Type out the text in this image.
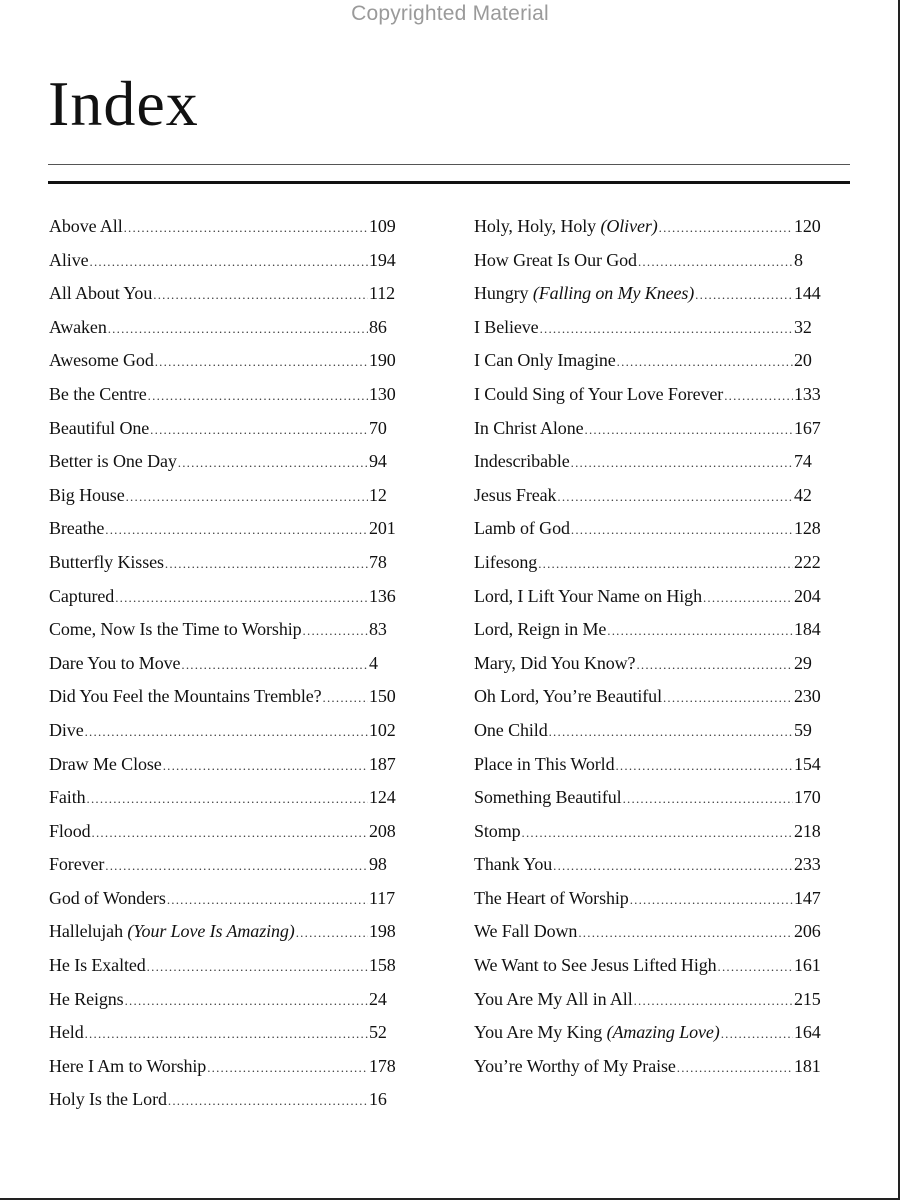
Copyrighted Material
Index
Above All .....	109
Alive .....	194
All About You .....	112
Awaken .....	86
Awesome God .....	190
Be the Centre .....	130
Beautiful One .....	70
Better is One Day .....	94
Big House .....	12
Breathe .....	201
Butterfly Kisses .....	78
Captured .....	136
Come, Now Is the Time to Worship .....	83
Dare You to Move .....	4
Did You Feel the Mountains Tremble? .....	150
Dive .....	102
Draw Me Close .....	187
Faith .....	124
Flood .....	208
Forever .....	98
God of Wonders .....	117
Hallelujah (Your Love Is Amazing) .....	198
He Is Exalted .....	158
He Reigns .....	24
Held .....	52
Here I Am to Worship .....	178
Holy Is the Lord .....	16
Holy, Holy, Holy (Oliver) .....	120
How Great Is Our God .....	8
Hungry (Falling on My Knees) .....	144
I Believe .....	32
I Can Only Imagine .....	20
I Could Sing of Your Love Forever .....	133
In Christ Alone .....	167
Indescribable .....	74
Jesus Freak .....	42
Lamb of God .....	128
Lifesong .....	222
Lord, I Lift Your Name on High .....	204
Lord, Reign in Me .....	184
Mary, Did You Know? .....	29
Oh Lord, You’re Beautiful .....	230
One Child .....	59
Place in This World .....	154
Something Beautiful .....	170
Stomp .....	218
Thank You .....	233
The Heart of Worship .....	147
We Fall Down .....	206
We Want to See Jesus Lifted High .....	161
You Are My All in All .....	215
You Are My King (Amazing Love) .....	164
You’re Worthy of My Praise .....	181
